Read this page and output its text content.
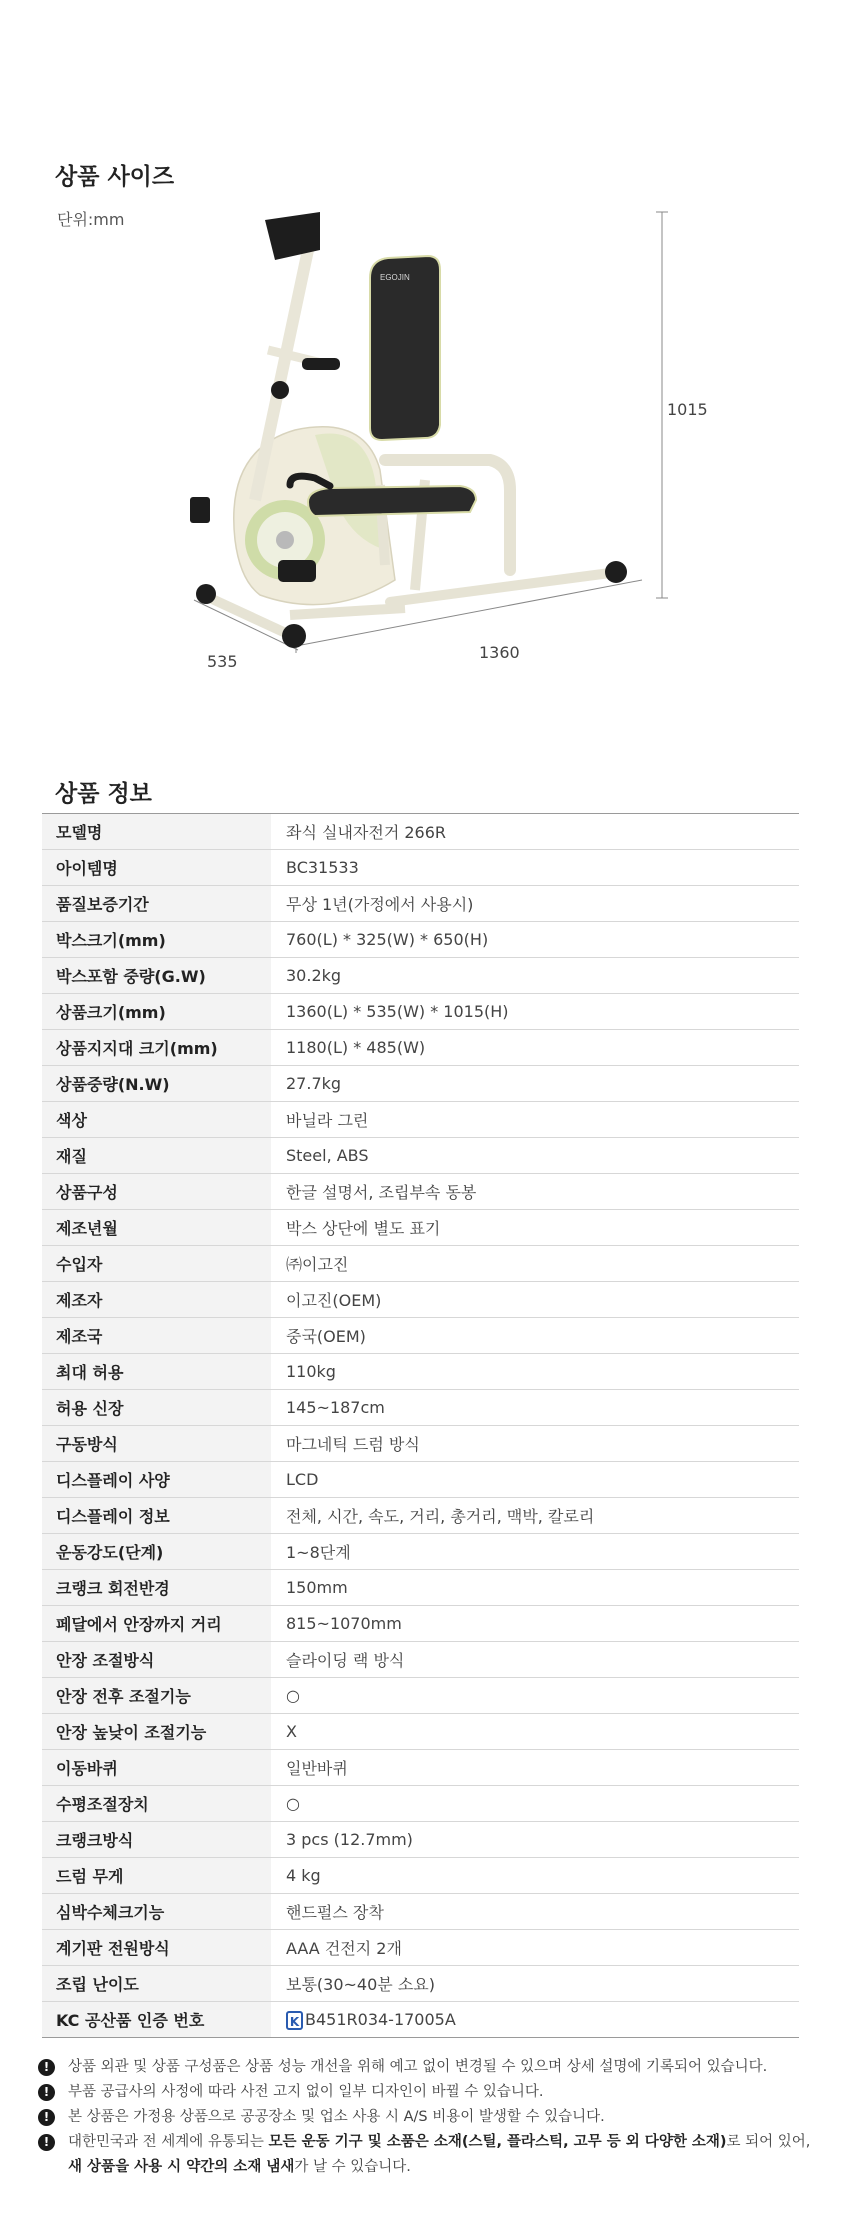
상품 사이즈
단위:mm
EGOJIN
1015
1360
535
상품 정보
모델명	좌식 실내자전거 266R
아이템명	BC31533
품질보증기간	무상 1년(가정에서 사용시)
박스크기(mm)	760(L) * 325(W) * 650(H)
박스포함 중량(G.W)	30.2kg
상품크기(mm)	1360(L) * 535(W) * 1015(H)
상품지지대 크기(mm)	1180(L) * 485(W)
상품중량(N.W)	27.7kg
색상	바닐라 그린
재질	Steel, ABS
상품구성	한글 설명서, 조립부속 동봉
제조년월	박스 상단에 별도 표기
수입자	㈜이고진
제조자	이고진(OEM)
제조국	중국(OEM)
최대 허용	110kg
허용 신장	145~187cm
구동방식	마그네틱 드럼 방식
디스플레이 사양	LCD
디스플레이 정보	전체, 시간, 속도, 거리, 총거리, 맥박, 칼로리
운동강도(단계)	1~8단계
크랭크 회전반경	150mm
페달에서 안장까지 거리	815~1070mm
안장 조절방식	슬라이딩 랙 방식
안장 전후 조절기능	○
안장 높낮이 조절기능	X
이동바퀴	일반바퀴
수평조절장치	○
크랭크방식	3 pcs (12.7mm)
드럼 무게	4 kg
심박수체크기능	핸드펄스 장착
계기판 전원방식	AAA 건전지 2개
조립 난이도	보통(30~40분 소요)
KC 공산품 인증 번호	K B451R034-17005A
!	상품 외관 및 상품 구성품은 상품 성능 개선을 위해 예고 없이 변경될 수 있으며 상세 설명에 기록되어 있습니다.
!	부품 공급사의 사정에 따라 사전 고지 없이 일부 디자인이 바뀔 수 있습니다.
!	본 상품은 가정용 상품으로 공공장소 및 업소 사용 시 A/S 비용이 발생할 수 있습니다.
!	대한민국과 전 세계에 유통되는 모든 운동 기구 및 소품은 소재(스틸, 플라스틱, 고무 등 외 다양한 소재)로 되어 있어,
새 상품을 사용 시 약간의 소재 냄새가 날 수 있습니다.
